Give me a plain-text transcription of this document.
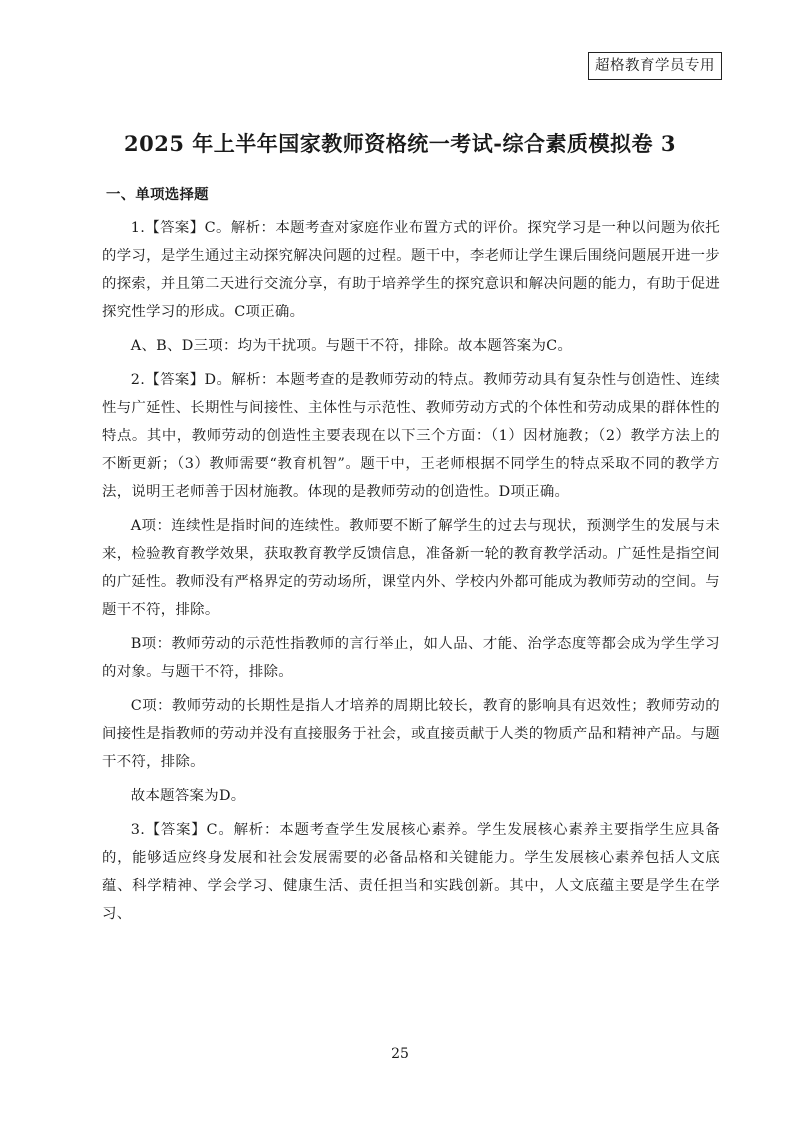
超格教育学员专用
2025 年上半年国家教师资格统一考试-综合素质模拟卷 3
一、单项选择题

1.【答案】C。解析：本题考查对家庭作业布置方式的评价。探究学习是一种以问题为依托的学习，是学生通过主动探究解决问题的过程。题干中，李老师让学生课后围绕问题展开进一步的探索，并且第二天进行交流分享，有助于培养学生的探究意识和解决问题的能力，有助于促进探究性学习的形成。C项正确。

A、B、D三项：均为干扰项。与题干不符，排除。故本题答案为C。

2.【答案】D。解析：本题考查的是教师劳动的特点。教师劳动具有复杂性与创造性、连续性与广延性、长期性与间接性、主体性与示范性、教师劳动方式的个体性和劳动成果的群体性的特点。其中，教师劳动的创造性主要表现在以下三个方面：（1）因材施教；（2）教学方法上的不断更新；（3）教师需要“教育机智”。题干中，王老师根据不同学生的特点采取不同的教学方法，说明王老师善于因材施教。体现的是教师劳动的创造性。D项正确。

A项：连续性是指时间的连续性。教师要不断了解学生的过去与现状，预测学生的发展与未来，检验教育教学效果，获取教育教学反馈信息，准备新一轮的教育教学活动。广延性是指空间的广延性。教师没有严格界定的劳动场所，课堂内外、学校内外都可能成为教师劳动的空间。与题干不符，排除。

B项：教师劳动的示范性指教师的言行举止，如人品、才能、治学态度等都会成为学生学习的对象。与题干不符，排除。

C项：教师劳动的长期性是指人才培养的周期比较长，教育的影响具有迟效性；教师劳动的间接性是指教师的劳动并没有直接服务于社会，或直接贡献于人类的物质产品和精神产品。与题干不符，排除。

故本题答案为D。

3.【答案】C。解析：本题考查学生发展核心素养。学生发展核心素养主要指学生应具备的，能够适应终身发展和社会发展需要的必备品格和关键能力。学生发展核心素养包括人文底蕴、科学精神、学会学习、健康生活、责任担当和实践创新。其中，人文底蕴主要是学生在学习、

25
